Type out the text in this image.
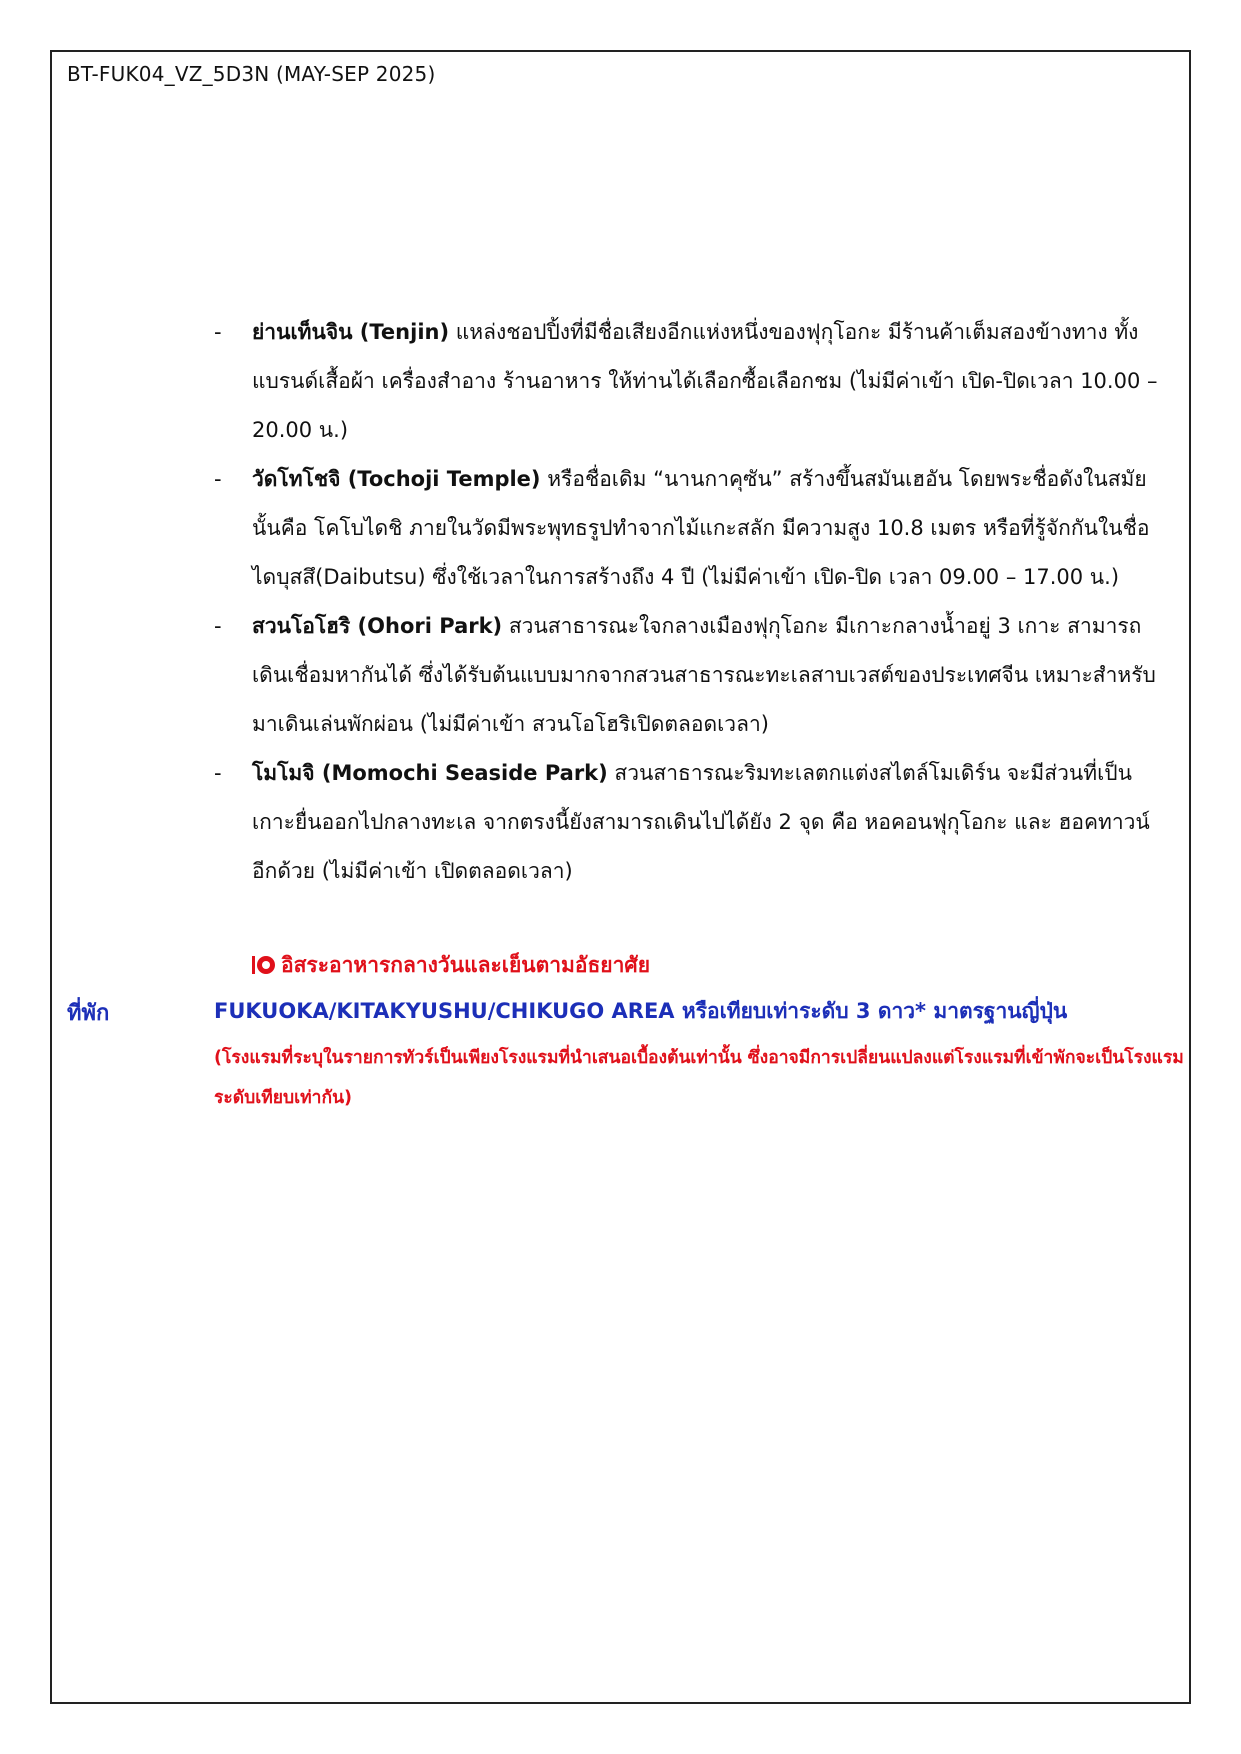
BT-FUK04_VZ_5D3N (MAY-SEP 2025)
-	ย่านเท็นจิน (Tenjin) แหล่งชอปปิ้งที่มีชื่อเสียงอีกแห่งหนึ่งของฟุกุโอกะ มีร้านค้าเต็มสองข้างทาง ทั้งแบรนด์เสื้อผ้า เครื่องสำอาง ร้านอาหาร ให้ท่านได้เลือกซื้อเลือกชม (ไม่มีค่าเข้า เปิด-ปิดเวลา 10.00 – 20.00 น.)
-	วัดโทโชจิ (Tochoji Temple) หรือชื่อเดิม “นานกาคุซัน” สร้างขึ้นสมันเฮอัน โดยพระชื่อดังในสมัยนั้นคือ โคโบไดชิ ภายในวัดมีพระพุทธรูปทำจากไม้แกะสลัก มีความสูง 10.8 เมตร หรือที่รู้จักกันในชื่อ ไดบุสสึ(Daibutsu) ซึ่งใช้เวลาในการสร้างถึง 4 ปี (ไม่มีค่าเข้า เปิด-ปิด เวลา 09.00 – 17.00 น.)
-	สวนโอโฮริ (Ohori Park) สวนสาธารณะใจกลางเมืองฟุกุโอกะ มีเกาะกลางน้ำอยู่ 3 เกาะ สามารถเดินเชื่อมหากันได้ ซึ่งได้รับต้นแบบมากจากสวนสาธารณะทะเลสาบเวสต์ของประเทศจีน เหมาะสำหรับมาเดินเล่นพักผ่อน (ไม่มีค่าเข้า สวนโอโฮริเปิดตลอดเวลา)
-	โมโมจิ (Momochi Seaside Park) สวนสาธารณะริมทะเลตกแต่งสไตล์โมเดิร์น จะมีส่วนที่เป็นเกาะยื่นออกไปกลางทะเล จากตรงนี้ยังสามารถเดินไปได้ยัง 2 จุด คือ หอคอนฟุกุโอกะ และ ฮอคทาวน์อีกด้วย (ไม่มีค่าเข้า เปิดตลอดเวลา)
อิสระอาหารกลางวันและเย็นตามอัธยาศัย
ที่พัก	FUKUOKA/KITAKYUSHU/CHIKUGO AREA หรือเทียบเท่าระดับ 3 ดาว* มาตรฐานญี่ปุ่น
(โรงแรมที่ระบุในรายการทัวร์เป็นเพียงโรงแรมที่นำเสนอเบื้องต้นเท่านั้น ซึ่งอาจมีการเปลี่ยนแปลงแต่โรงแรมที่เข้าพักจะเป็นโรงแรมระดับเทียบเท่ากัน)
